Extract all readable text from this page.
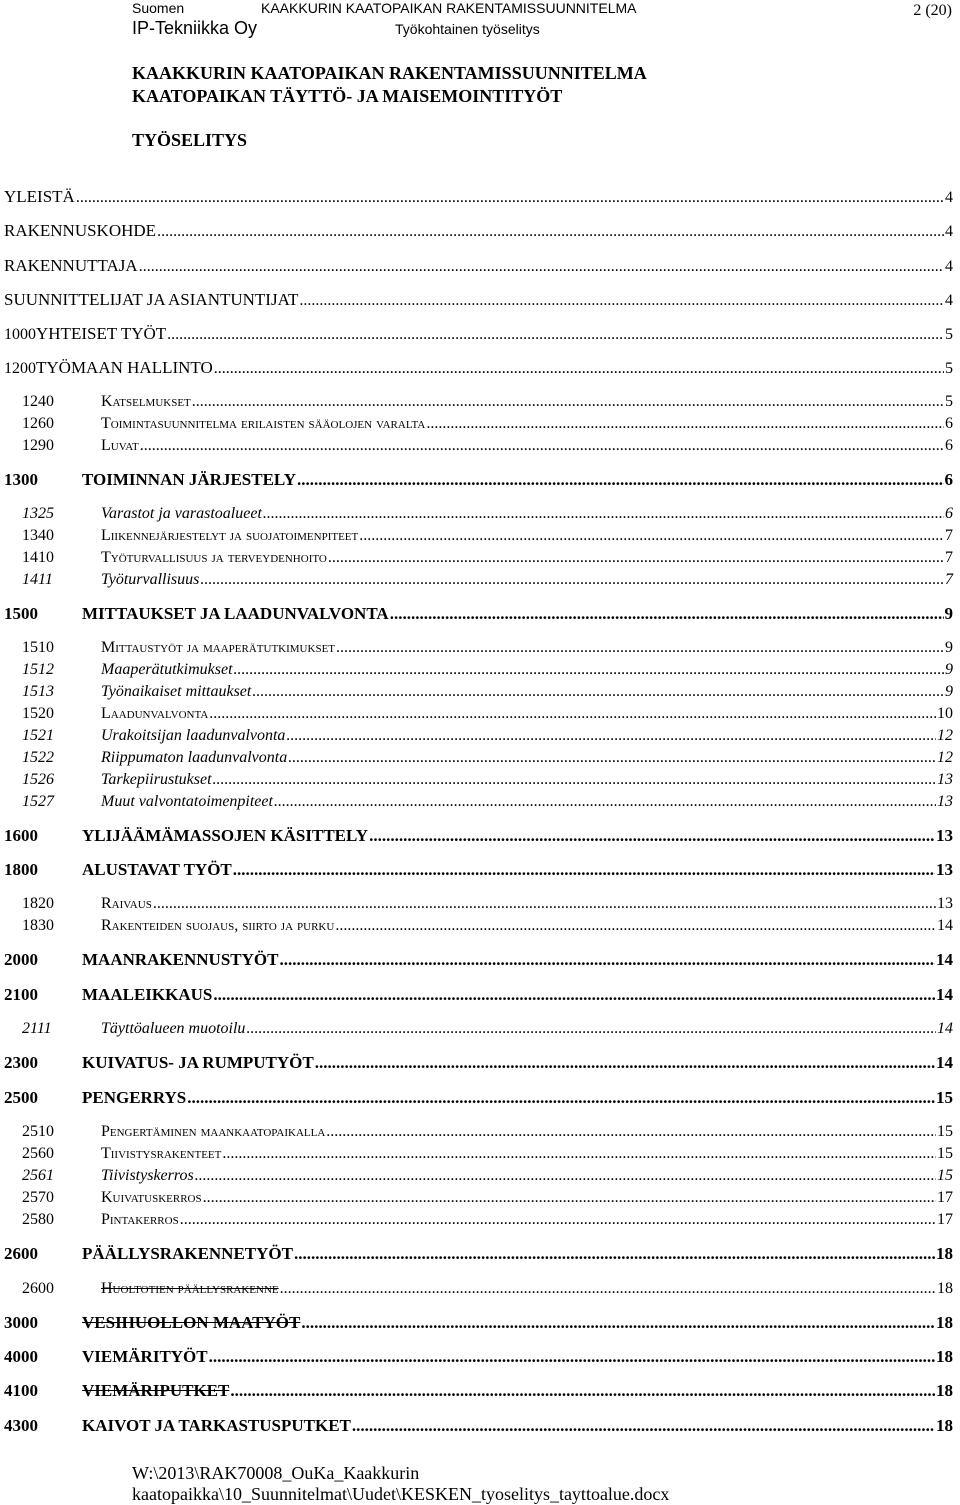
Suomen	KAAKKURIN KAATOPAIKAN RAKENTAMISSUUNNITELMA
IP-Tekniikka Oy	Työkohtainen työselitys
2 (20)
KAAKKURIN KAATOPAIKAN RAKENTAMISSUUNNITELMA
KAATOPAIKAN TÄYTTÖ- JA MAISEMOINTITYÖT
TYÖSELITYS
YLEISTÄ .....	4
RAKENNUSKOHDE .....	4
RAKENNUTTAJA .....	4
SUUNNITTELIJAT JA ASIANTUNTIJAT .....	4
1000 YHTEISET TYÖT .....	5
1200 TYÖMAAN HALLINTO .....	5
1240	Katselmukset .....	5
1260	Toimintasuunnitelma erilaisten sääolojen varalta .....	6
1290	Luvat .....	6
1300	TOIMINNAN JÄRJESTELY .....	6
1325	Varastot ja varastoalueet .....	6
1340	Liikennejärjestelyt ja suojatoimenpiteet .....	7
1410	Työturvallisuus ja terveydenhoito .....	7
1411	Työturvallisuus .....	7
1500	MITTAUKSET JA LAADUNVALVONTA .....	9
1510	Mittaustyöt ja maaperätutkimukset .....	9
1512	Maaperätutkimukset .....	9
1513	Työnaikaiset mittaukset .....	9
1520	Laadunvalvonta .....	10
1521	Urakoitsijan laadunvalvonta .....	12
1522	Riippumaton laadunvalvonta .....	12
1526	Tarkepiirustukset .....	13
1527	Muut valvontatoimenpiteet .....	13
1600	YLIJÄÄMÄMASSOJEN KÄSITTELY .....	13
1800	ALUSTAVAT TYÖT .....	13
1820	Raivaus .....	13
1830	Rakenteiden suojaus, siirto ja purku .....	14
2000	MAANRAKENNUSTYÖT .....	14
2100	MAALEIKKAUS .....	14
2111	Täyttöalueen muotoilu .....	14
2300	KUIVATUS- JA RUMPUTYÖT .....	14
2500	PENGERRYS .....	15
2510	Pengertäminen maankaatopaikalla .....	15
2560	Tiivistysrakenteet .....	15
2561	Tiivistyskerros .....	15
2570	Kuivatuskerros .....	17
2580	Pintakerros .....	17
2600	PÄÄLLYSRAKENNETYÖT .....	18
2600	Huoltotien päällysrakenne .....	18
3000	VESIHUOLLON MAATYÖT .....	18
4000	VIEMÄRITYÖT .....	18
4100	VIEMÄRIPUTKET .....	18
4300	KAIVOT JA TARKASTUSPUTKET .....	18
W:\2013\RAK70008_OuKa_Kaakkurin
kaatopaikka\10_Suunnitelmat\Uudet\KESKEN_tyoselitys_tayttoalue.docx
